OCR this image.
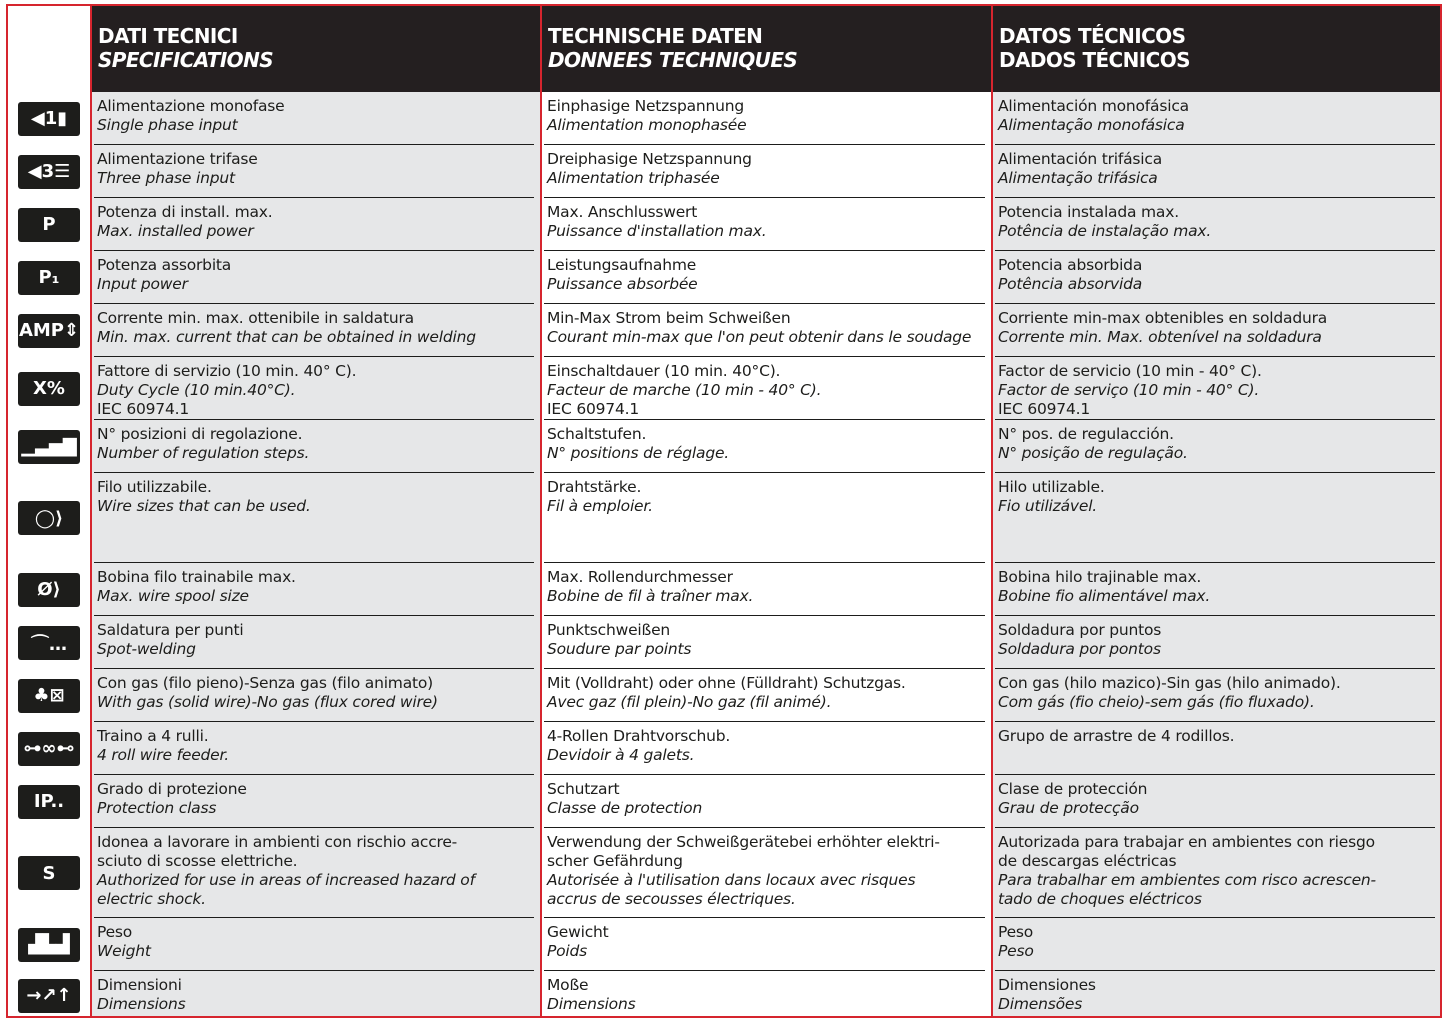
DATI TECNICI
SPECIFICATIONS
TECHNISCHE DATEN
DONNEES TECHNIQUES
DATOS TÉCNICOS
DADOS TÉCNICOS
◀1▮
Alimentazione monofase
Single phase input
Einphasige Netzspannung
Alimentation monophasée
Alimentación monofásica
Alimentação monofásica
◀3☰
Alimentazione trifase
Three phase input
Dreiphasige Netzspannung
Alimentation triphasée
Alimentación trifásica
Alimentação trifásica
P
Potenza di install. max.
Max. installed power
Max. Anschlusswert
Puissance d'installation max.
Potencia instalada max.
Potência de instalação max.
P₁
Potenza assorbita
Input power
Leistungsaufnahme
Puissance absorbée
Potencia absorbida
Potência absorvida
AMP⇕
Corrente min. max. ottenibile in saldatura
Min. max. current that can be obtained in welding
Min-Max Strom beim Schweißen
Courant min-max que l'on peut obtenir dans le soudage
Corriente min-max obtenibles en soldadura
Corrente min. Max. obtenível na soldadura
X%
Fattore di servizio (10 min. 40° C).
Duty Cycle (10 min.40°C).
IEC 60974.1
Einschaltdauer (10 min. 40°C).
Facteur de marche (10 min - 40° C).
IEC 60974.1
Factor de servicio (10 min - 40° C).
Factor de serviço (10 min - 40° C).
IEC 60974.1
▁▃▅▇
N° posizioni di regolazione.
Number of regulation steps.
Schaltstufen.
N° positions de réglage.
N° pos. de regulacción.
N° posição de regulação.
◯⟩
Filo utilizzabile.
Wire sizes that can be used.
Drahtstärke.
Fil à emploier.
Hilo utilizable.
Fio utilizável.
Ø⟩
Bobina filo trainabile max.
Max. wire spool size
Max. Rollendurchmesser
Bobine de fil à traîner max.
Bobina hilo trajinable max.
Bobine fio alimentável max.
⌒…
Saldatura per punti
Spot-welding
Punktschweißen
Soudure par points
Soldadura por puntos
Soldadura por pontos
♣⊠
Con gas (filo pieno)-Senza gas (filo animato)
With gas (solid wire)-No gas (flux cored wire)
Mit (Volldraht) oder ohne (Fülldraht) Schutzgas.
Avec gaz (fil plein)-No gaz (fil animé).
Con gas (hilo mazico)-Sin gas (hilo animado).
Com gás (fio cheio)-sem gás (fio fluxado).
⊶∞⊷
Traino a 4 rulli.
4 roll wire feeder.
4-Rollen Drahtvorschub.
Devidoir à 4 galets.
Grupo de arrastre de 4 rodillos.
IP..
Grado di protezione
Protection class
Schutzart
Classe de protection
Clase de protección
Grau de protecção
S
Idonea a lavorare in ambienti con rischio accre-
sciuto di scosse elettriche.
Authorized for use in areas of increased hazard of
electric shock.
Verwendung der Schweißgerätebei erhöhter elektri-
scher Gefährdung
Autorisée à l'utilisation dans locaux avec risques
accrus de secousses électriques.
Autorizada para trabajar en ambientes con riesgo
de descargas eléctricas
Para trabalhar em ambientes com risco acrescen-
tado de choques eléctricos
▟▙▟
Peso
Weight
Gewicht
Poids
Peso
Peso
→↗↑	Dimensioni
Dimensions
Moße
Dimensions
Dimensiones
Dimensões
